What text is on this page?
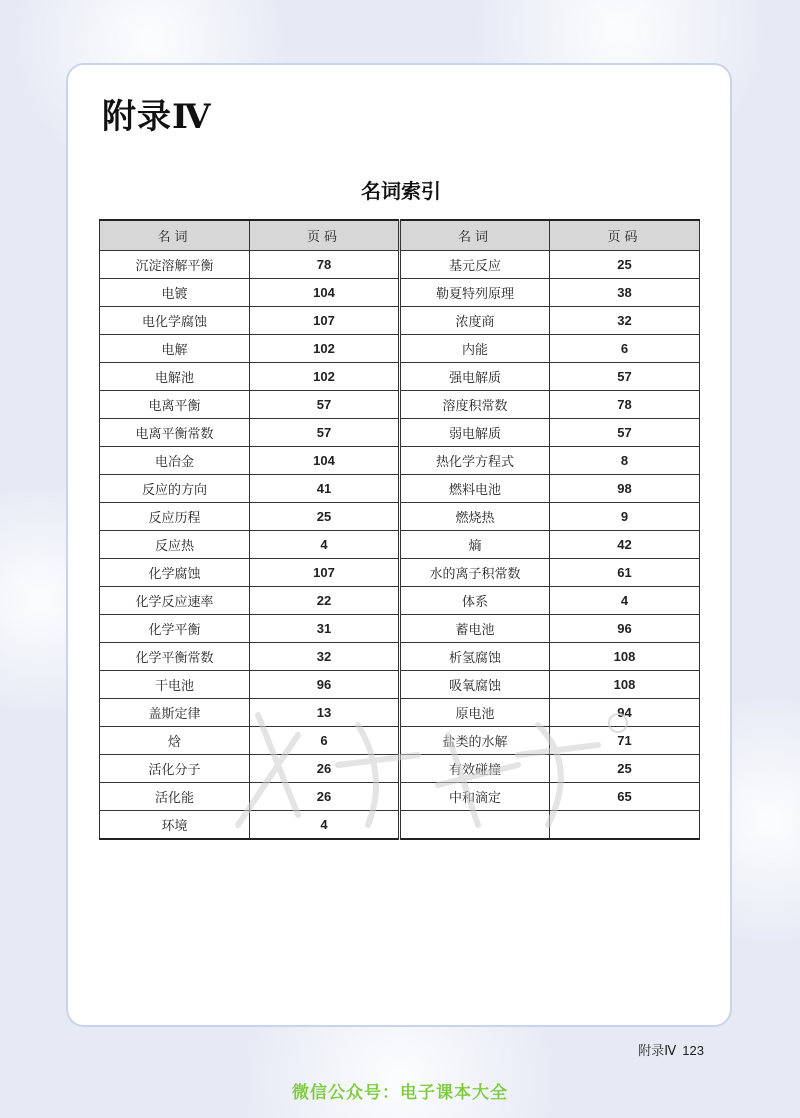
附录Ⅳ
名词索引
名词	页码	名词	页码
沉淀溶解平衡	78	基元反应	25
电镀	104	勒夏特列原理	38
电化学腐蚀	107	浓度商	32
电解	102	内能	6
电解池	102	强电解质	57
电离平衡	57	溶度积常数	78
电离平衡常数	57	弱电解质	57
电冶金	104	热化学方程式	8
反应的方向	41	燃料电池	98
反应历程	25	燃烧热	9
反应热	4	熵	42
化学腐蚀	107	水的离子积常数	61
化学反应速率	22	体系	4
化学平衡	31	蓄电池	96
化学平衡常数	32	析氢腐蚀	108
干电池	96	吸氧腐蚀	108
盖斯定律	13	原电池	94
焓	6	盐类的水解	71
活化分子	26	有效碰撞	25
活化能	26	中和滴定	65
环境	4		
附录Ⅳ 123
微信公众号：电子课本大全
